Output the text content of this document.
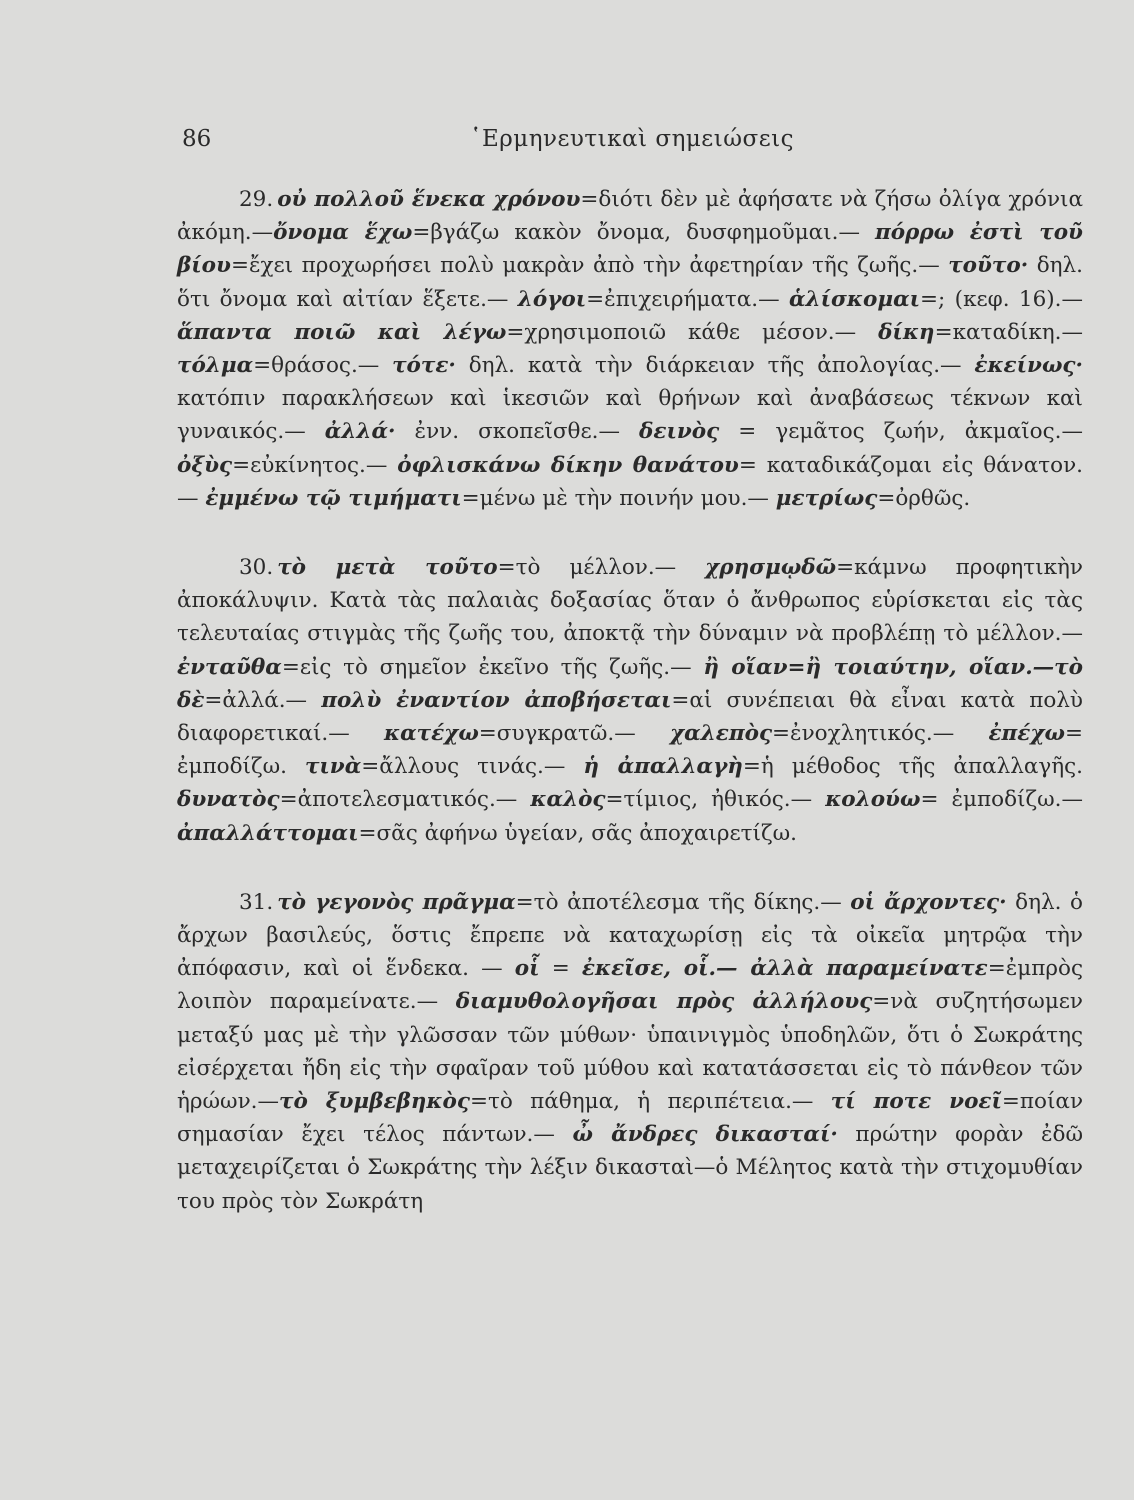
86	῾Ερμηνευτικαὶ σημειώσεις

29. οὐ πολλοῦ ἕνεκα χρόνου=διότι δὲν μὲ ἀφήσατε νὰ ζήσω ὀλίγα χρόνια ἀκόμη.—ὄνομα ἕχω=βγάζω κακὸν ὄνομα, δυσφημοῦμαι.— πόρρω ἐστὶ τοῦ βίου=ἔχει προχωρήσει πολὺ μακρὰν ἀπὸ τὴν ἀφετηρίαν τῆς ζωῆς.— τοῦτο· δηλ. ὅτι ὄνομα καὶ αἰτίαν ἕξετε.— λόγοι=ἐπιχειρήματα.— ἁλίσκομαι=; (κεφ. 16).— ἅπαντα ποιῶ καὶ λέγω=χρησιμοποιῶ κάθε μέσον.— δίκη=καταδίκη.— τόλμα=θράσος.— τότε· δηλ. κατὰ τὴν διάρκειαν τῆς ἀπολογίας.— ἐκείνως· κατόπιν παρακλήσεων καὶ ἱκεσιῶν καὶ θρήνων καὶ ἀναβάσεως τέκνων καὶ γυναικός.— ἀλλά· ἐνν. σκοπεῖσθε.— δεινὸς = γεμᾶτος ζωήν, ἀκμαῖος.— ὀξὺς=εὐκίνητος.— ὀφλισκάνω δίκην θανάτου= καταδικάζομαι εἰς θάνατον.— ἐμμένω τῷ τιμήματι=μένω μὲ τὴν ποινήν μου.— μετρίως=ὀρθῶς.

30. τὸ μετὰ τοῦτο=τὸ μέλλον.— χρησμῳδῶ=κάμνω προφητικὴν ἀποκάλυψιν. Κατὰ τὰς παλαιὰς δοξασίας ὅταν ὁ ἄνθρωπος εὑρίσκεται εἰς τὰς τελευταίας στιγμὰς τῆς ζωῆς του, ἀποκτᾷ τὴν δύναμιν νὰ προβλέπῃ τὸ μέλλον.— ἐνταῦθα=εἰς τὸ σημεῖον ἐκεῖνο τῆς ζωῆς.— ἢ οἵαν=ἢ τοιαύτην, οἵαν.—τὸ δὲ=ἀλλά.— πολὺ ἐναντίον ἀποβήσεται=αἱ συνέπειαι θὰ εἶναι κατὰ πολὺ διαφορετικαί.— κατέχω=συγκρατῶ.— χαλεπὸς=ἐνοχλητικός.— ἐπέχω= ἐμποδίζω. τινὰ=ἄλλους τινάς.— ἡ ἀπαλλαγὴ=ἡ μέθοδος τῆς ἀπαλλαγῆς. δυνατὸς=ἀποτελεσματικός.— καλὸς=τίμιος, ἠθικός.— κολούω= ἐμποδίζω.— ἀπαλλάττομαι=σᾶς ἀφήνω ὑγείαν, σᾶς ἀποχαιρετίζω.

31. τὸ γεγονὸς πρᾶγμα=τὸ ἀποτέλεσμα τῆς δίκης.— οἱ ἄρχοντες· δηλ. ὁ ἄρχων βασιλεύς, ὅστις ἔπρεπε νὰ καταχωρίσῃ εἰς τὰ οἰκεῖα μητρῷα τὴν ἀπόφασιν, καὶ οἱ ἕνδεκα. — οἷ = ἐκεῖσε, οἷ.— ἀλλὰ παραμείνατε=ἐμπρὸς λοιπὸν παραμείνατε.— διαμυθολογῆσαι πρὸς ἀλλήλους=νὰ συζητήσωμεν μεταξύ μας μὲ τὴν γλῶσσαν τῶν μύθων· ὑπαινιγμὸς ὑποδηλῶν, ὅτι ὁ Σωκράτης εἰσέρχεται ἤδη εἰς τὴν σφαῖραν τοῦ μύθου καὶ κατατάσσεται εἰς τὸ πάνθεον τῶν ἡρώων.—τὸ ξυμβεβηκὸς=τὸ πάθημα, ἡ περιπέτεια.— τί ποτε νοεῖ=ποίαν σημασίαν ἔχει τέλος πάντων.— ὦ ἄνδρες δικασταί· πρώτην φορὰν ἐδῶ μεταχειρίζεται ὁ Σωκράτης τὴν λέξιν δικασταὶ—ὁ Μέλητος κατὰ τὴν στιχομυθίαν του πρὸς τὸν Σωκράτη
